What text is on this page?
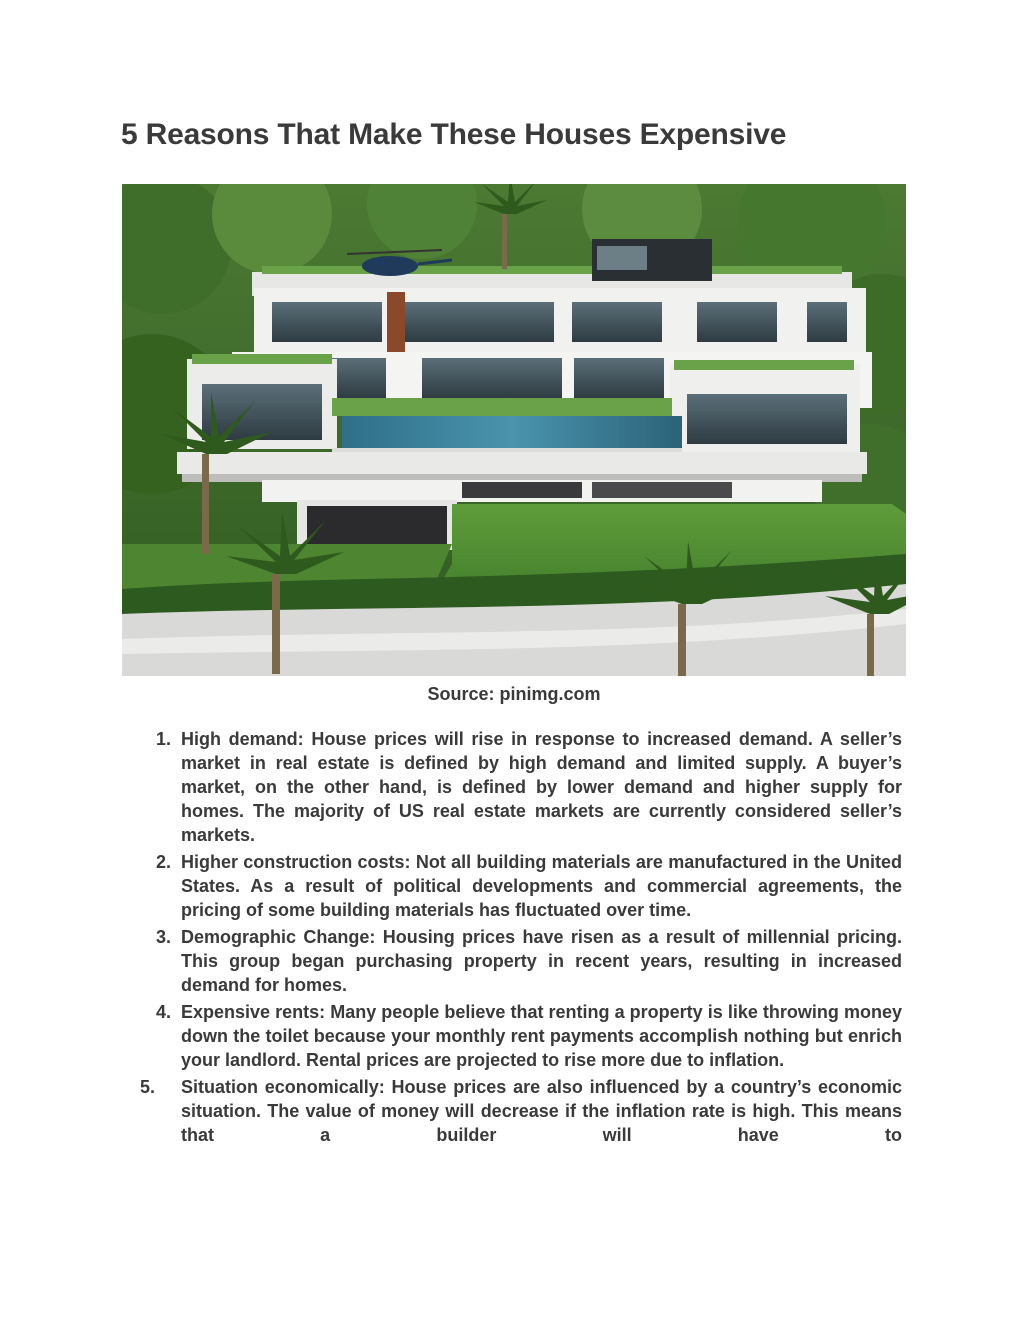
5 Reasons That Make These Houses Expensive
Source: pinimg.com
1. High demand: House prices will rise in response to increased demand. A seller’s market in real estate is defined by high demand and limited supply. A buyer’s market, on the other hand, is defined by lower demand and higher supply for homes. The majority of US real estate markets are currently considered seller’s markets.
2. Higher construction costs: Not all building materials are manufactured in the United States. As a result of political developments and commercial agreements, the pricing of some building materials has fluctuated over time.
3. Demographic Change: Housing prices have risen as a result of millennial pricing. This group began purchasing property in recent years, resulting in increased demand for homes.
4. Expensive rents: Many people believe that renting a property is like throwing money down the toilet because your monthly rent payments accomplish nothing but enrich your landlord. Rental prices are projected to rise more due to inflation.
5.	Situation economically: House prices are also influenced by a country’s economic situation. The value of money will decrease if the inflation rate is high. This means that a builder will have to
